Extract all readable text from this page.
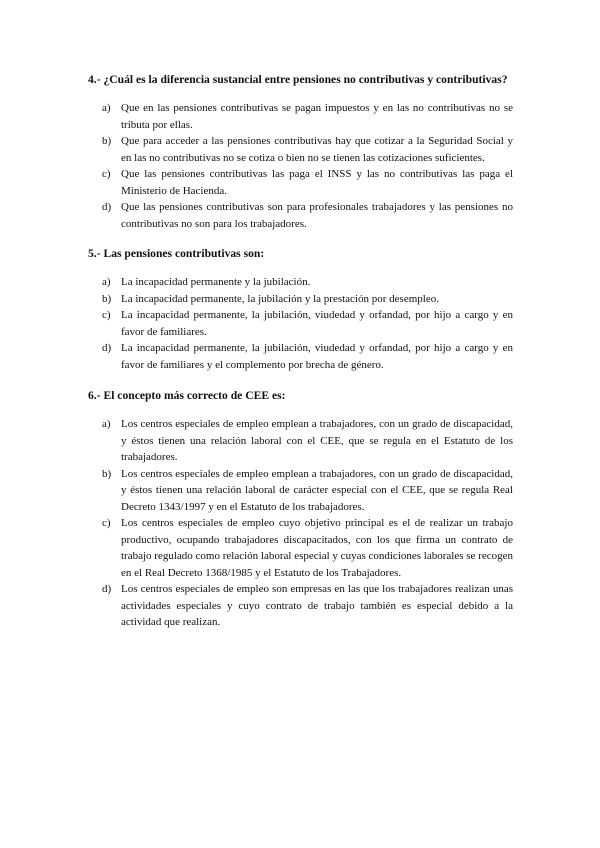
4.- ¿Cuál es la diferencia sustancial entre pensiones no contributivas y contributivas?

a) Que en las pensiones contributivas se pagan impuestos y en las no contributivas no se tributa por ellas.
b) Que para acceder a las pensiones contributivas hay que cotizar a la Seguridad Social y en las no contributivas no se cotiza o bien no se tienen las cotizaciones suficientes.
c) Que las pensiones contributivas las paga el INSS y las no contributivas las paga el Ministerio de Hacienda.
d) Que las pensiones contributivas son para profesionales trabajadores y las pensiones no contributivas no son para los trabajadores.

5.- Las pensiones contributivas son:

a) La incapacidad permanente y la jubilación.
b) La incapacidad permanente, la jubilación y la prestación por desempleo.
c) La incapacidad permanente, la jubilación, viudedad y orfandad, por hijo a cargo y en favor de familiares.
d) La incapacidad permanente, la jubilación, viudedad y orfandad, por hijo a cargo y en favor de familiares y el complemento por brecha de género.

6.- El concepto más correcto de CEE es:

a) Los centros especiales de empleo emplean a trabajadores, con un grado de discapacidad, y éstos tienen una relación laboral con el CEE, que se regula en el Estatuto de los trabajadores.
b) Los centros especiales de empleo emplean a trabajadores, con un grado de discapacidad, y éstos tienen una relación laboral de carácter especial con el CEE, que se regula Real Decreto 1343/1997 y en el Estatuto de los trabajadores.
c) Los centros especiales de empleo cuyo objetivo principal es el de realizar un trabajo productivo, ocupando trabajadores discapacitados, con los que firma un contrato de trabajo regulado como relación laboral especial y cuyas condiciones laborales se recogen en el Real Decreto 1368/1985 y el Estatuto de los Trabajadores.
d) Los centros especiales de empleo son empresas en las que los trabajadores realizan unas actividades especiales y cuyo contrato de trabajo también es especial debido a la actividad que realizan.
